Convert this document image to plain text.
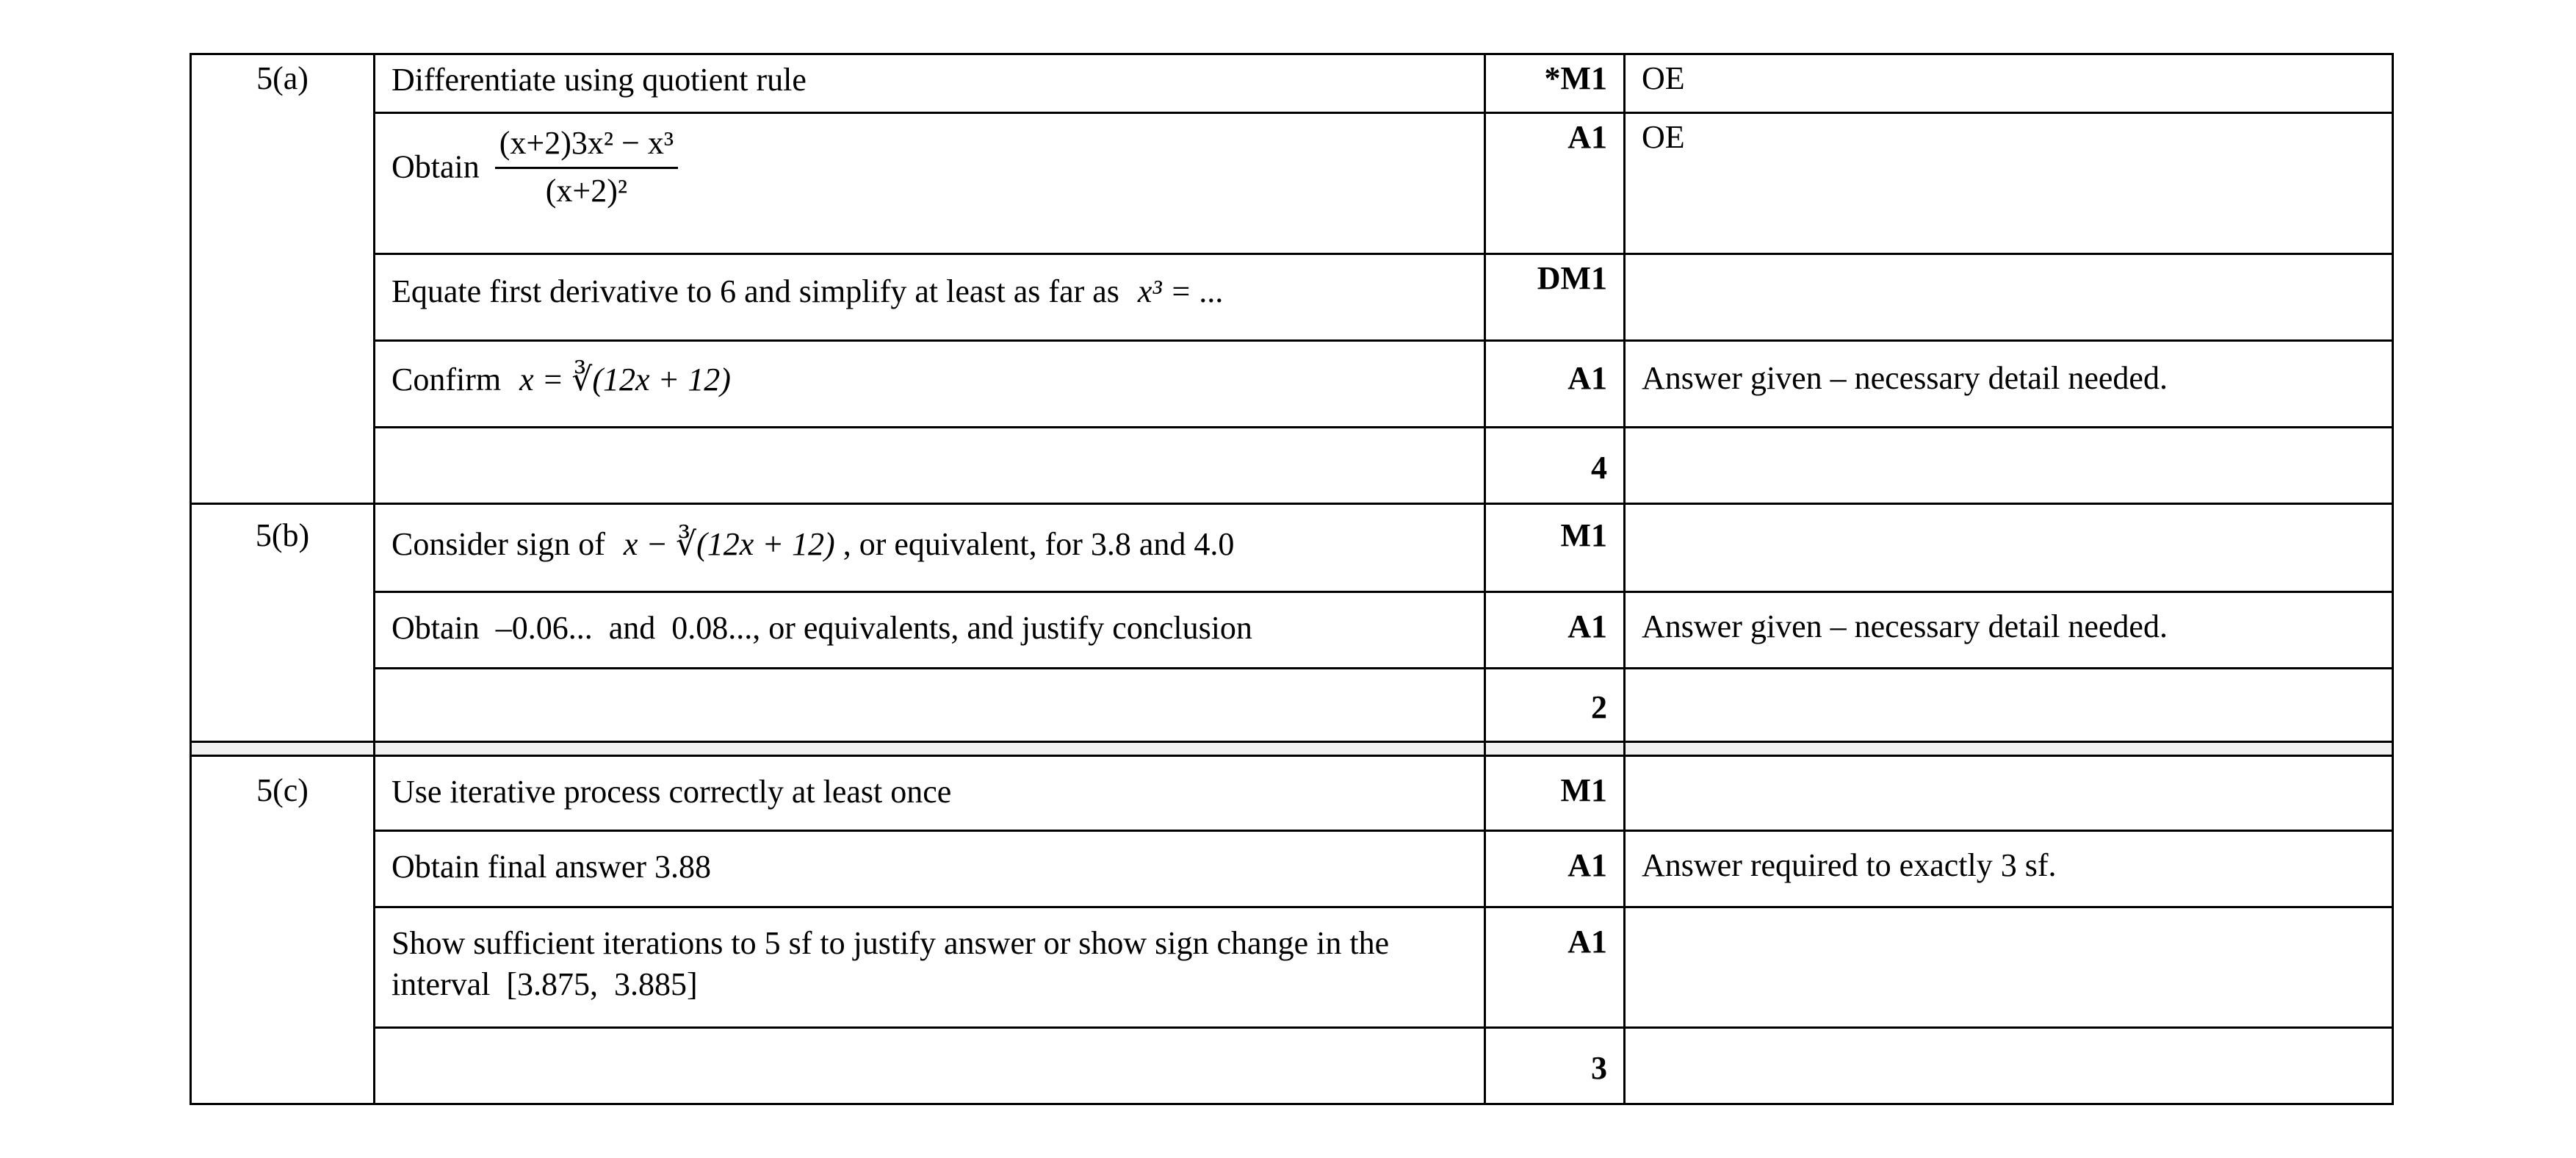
5(a)	Differentiate using quotient rule	*M1	OE
	Obtain $\frac{\text{(x+2)3x² − x³}}{\text{(x+2)²}}$	A1	OE
	Equate first derivative to 6 and simplify at least as far as x³ = ...	DM1	
	Confirm x = ∛(12x + 12)	A1	Answer given – necessary detail needed.
		4	
5(b)	Consider sign of x − ∛(12x + 12) , or equivalent, for 3.8 and 4.0	M1	
	Obtain  –0.06...  and  0.08..., or equivalents, and justify conclusion	A1	Answer given – necessary detail needed.
		2	

5(c)	Use iterative process correctly at least once	M1	
	Obtain final answer 3.88	A1	Answer required to exactly 3 sf.
	Show sufficient iterations to 5 sf to justify answer or show sign change in the interval  [3.875,  3.885]	A1	
		3	
